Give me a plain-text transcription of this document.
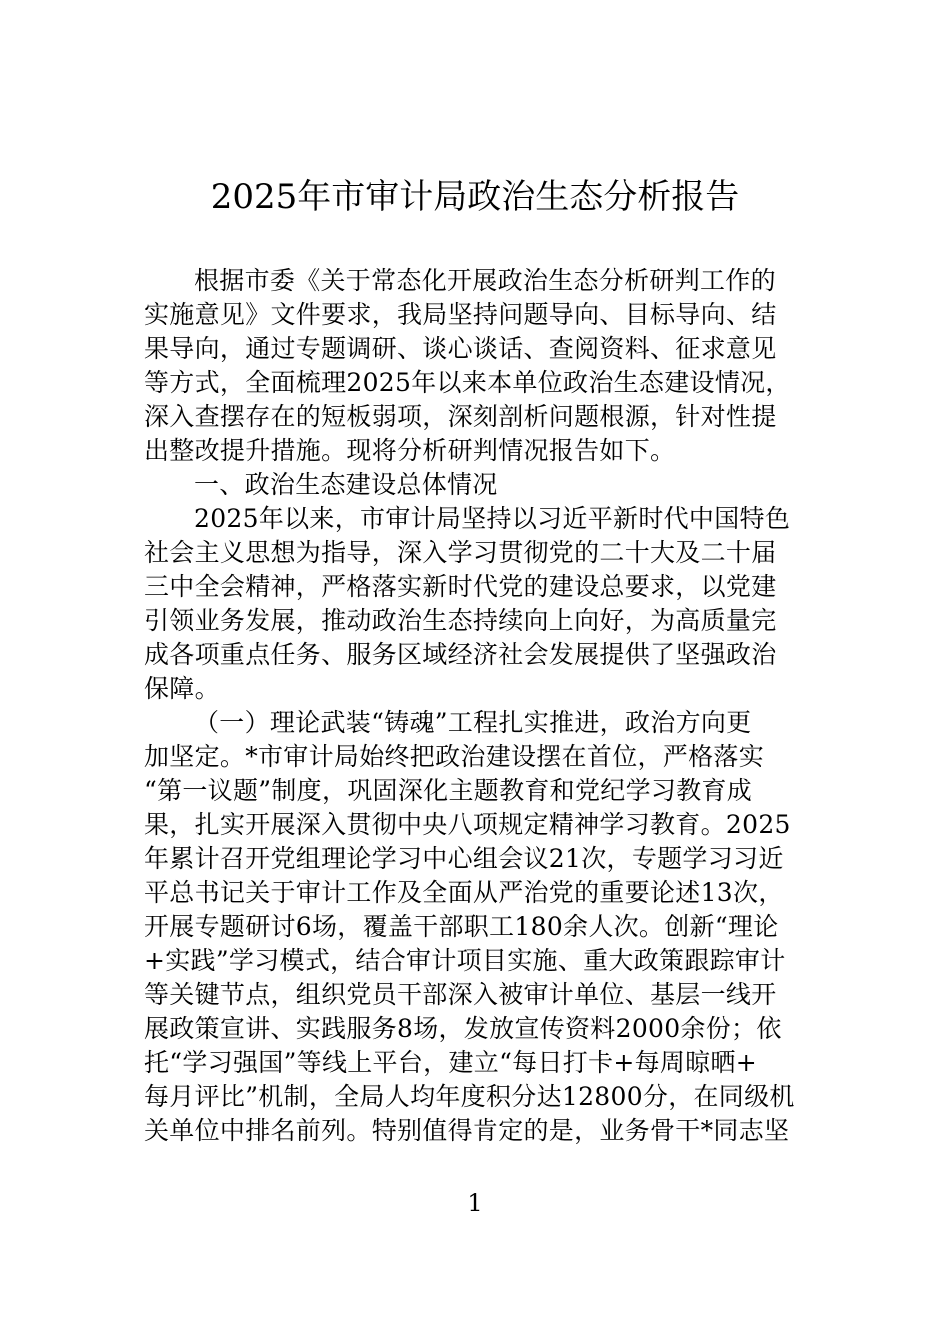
2025年市审计局政治生态分析报告
根据市委《关于常态化开展政治生态分析研判工作的
实施意见》文件要求，我局坚持问题导向、目标导向、结
果导向，通过专题调研、谈心谈话、查阅资料、征求意见
等方式，全面梳理2025年以来本单位政治生态建设情况，
深入查摆存在的短板弱项，深刻剖析问题根源，针对性提
出整改提升措施。现将分析研判情况报告如下。
一、政治生态建设总体情况
2025年以来，市审计局坚持以习近平新时代中国特色
社会主义思想为指导，深入学习贯彻党的二十大及二十届
三中全会精神，严格落实新时代党的建设总要求，以党建
引领业务发展，推动政治生态持续向上向好，为高质量完
成各项重点任务、服务区域经济社会发展提供了坚强政治
保障。
（一）理论武装“铸魂”工程扎实推进，政治方向更
加坚定。*市审计局始终把政治建设摆在首位，严格落实
“第一议题”制度，巩固深化主题教育和党纪学习教育成
果，扎实开展深入贯彻中央八项规定精神学习教育。2025
年累计召开党组理论学习中心组会议21次，专题学习习近
平总书记关于审计工作及全面从严治党的重要论述13次，
开展专题研讨6场，覆盖干部职工180余人次。创新“理论
+实践”学习模式，结合审计项目实施、重大政策跟踪审计
等关键节点，组织党员干部深入被审计单位、基层一线开
展政策宣讲、实践服务8场，发放宣传资料2000余份；依
托“学习强国”等线上平台，建立“每日打卡+每周晾晒+
每月评比”机制，全局人均年度积分达12800分，在同级机
关单位中排名前列。特别值得肯定的是，业务骨干*同志坚
1
